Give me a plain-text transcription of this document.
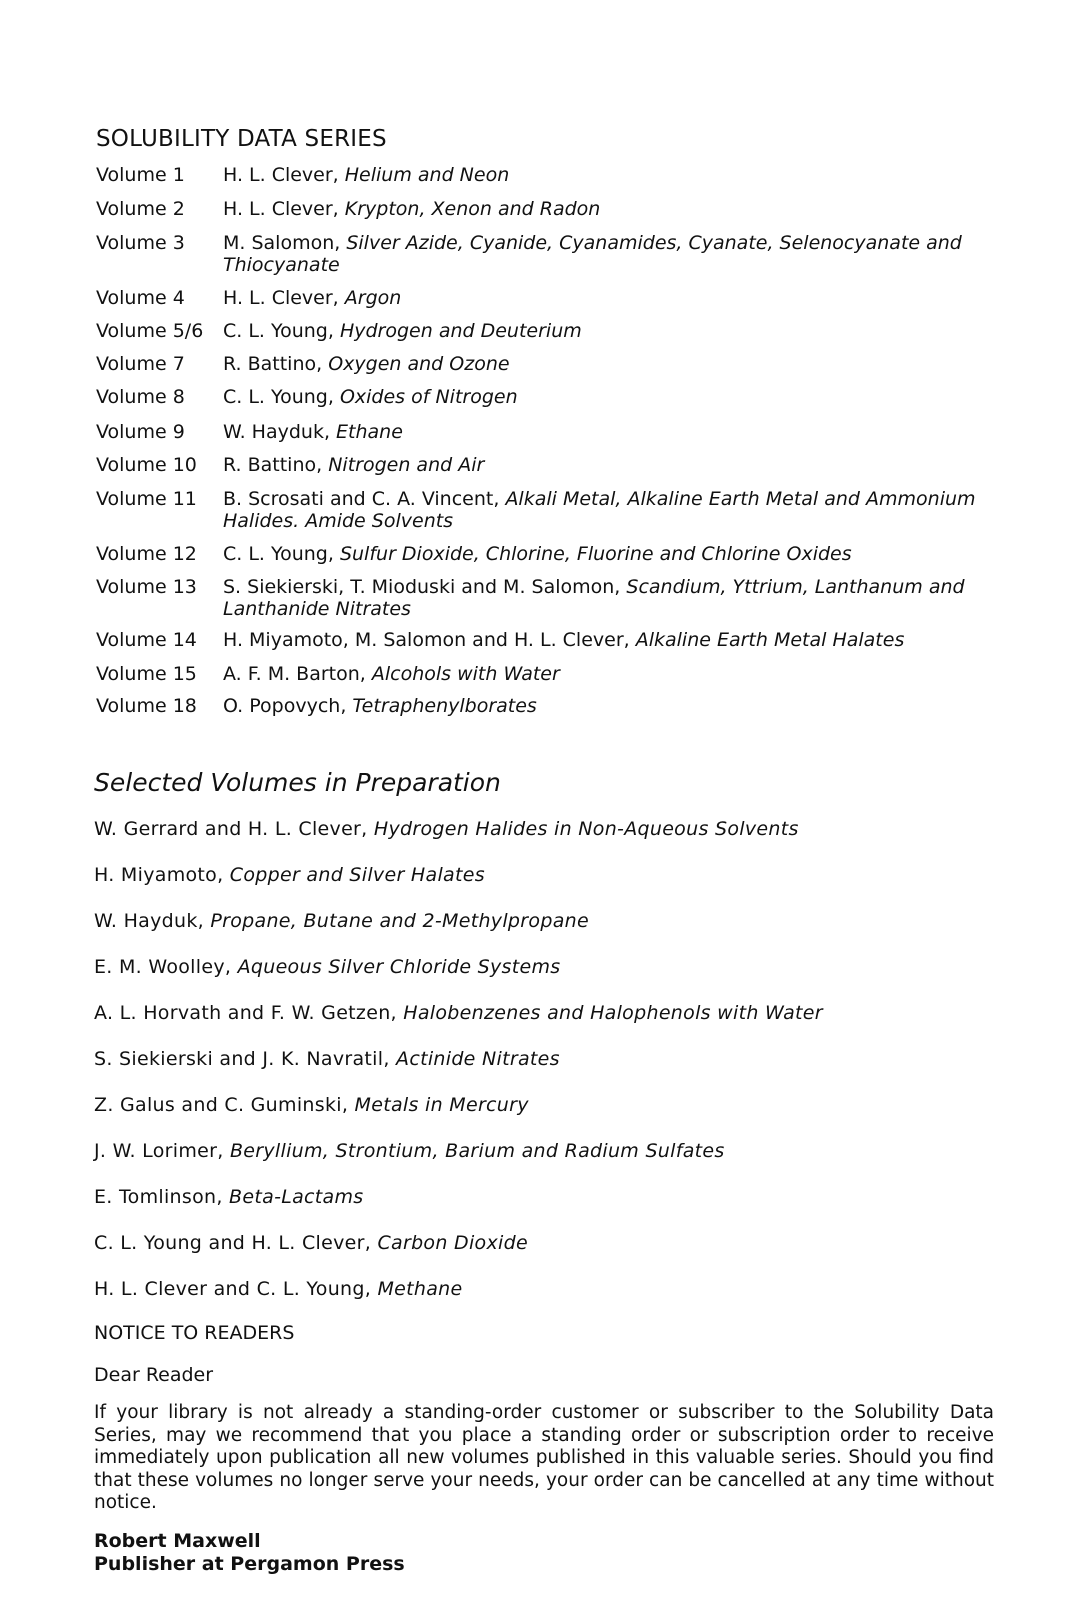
SOLUBILITY DATA SERIES
Volume 1 H. L. Clever, Helium and Neon
Volume 2 H. L. Clever, Krypton, Xenon and Radon
Volume 3 M. Salomon, Silver Azide, Cyanide, Cyanamides, Cyanate, Selenocyanate and Thiocyanate
Volume 4 H. L. Clever, Argon
Volume 5/6 C. L. Young, Hydrogen and Deuterium
Volume 7 R. Battino, Oxygen and Ozone
Volume 8 C. L. Young, Oxides of Nitrogen
Volume 9 W. Hayduk, Ethane
Volume 10 R. Battino, Nitrogen and Air
Volume 11 B. Scrosati and C. A. Vincent, Alkali Metal, Alkaline Earth Metal and Ammonium Halides. Amide Solvents
Volume 12 C. L. Young, Sulfur Dioxide, Chlorine, Fluorine and Chlorine Oxides
Volume 13 S. Siekierski, T. Mioduski and M. Salomon, Scandium, Yttrium, Lanthanum and Lanthanide Nitrates
Volume 14 H. Miyamoto, M. Salomon and H. L. Clever, Alkaline Earth Metal Halates
Volume 15 A. F. M. Barton, Alcohols with Water
Volume 18 O. Popovych, Tetraphenylborates
Selected Volumes in Preparation
W. Gerrard and H. L. Clever, Hydrogen Halides in Non-Aqueous Solvents
H. Miyamoto, Copper and Silver Halates
W. Hayduk, Propane, Butane and 2-Methylpropane
E. M. Woolley, Aqueous Silver Chloride Systems
A. L. Horvath and F. W. Getzen, Halobenzenes and Halophenols with Water
S. Siekierski and J. K. Navratil, Actinide Nitrates
Z. Galus and C. Guminski, Metals in Mercury
J. W. Lorimer, Beryllium, Strontium, Barium and Radium Sulfates
E. Tomlinson, Beta-Lactams
C. L. Young and H. L. Clever, Carbon Dioxide
H. L. Clever and C. L. Young, Methane
NOTICE TO READERS
Dear Reader

If your library is not already a standing-order customer or subscriber to the Solubility Data Series, may we recommend that you place a standing order or subscription order to receive immediately upon publication all new volumes published in this valuable series. Should you find that these volumes no longer serve your needs, your order can be cancelled at any time without notice.

Robert Maxwell
Publisher at Pergamon Press
